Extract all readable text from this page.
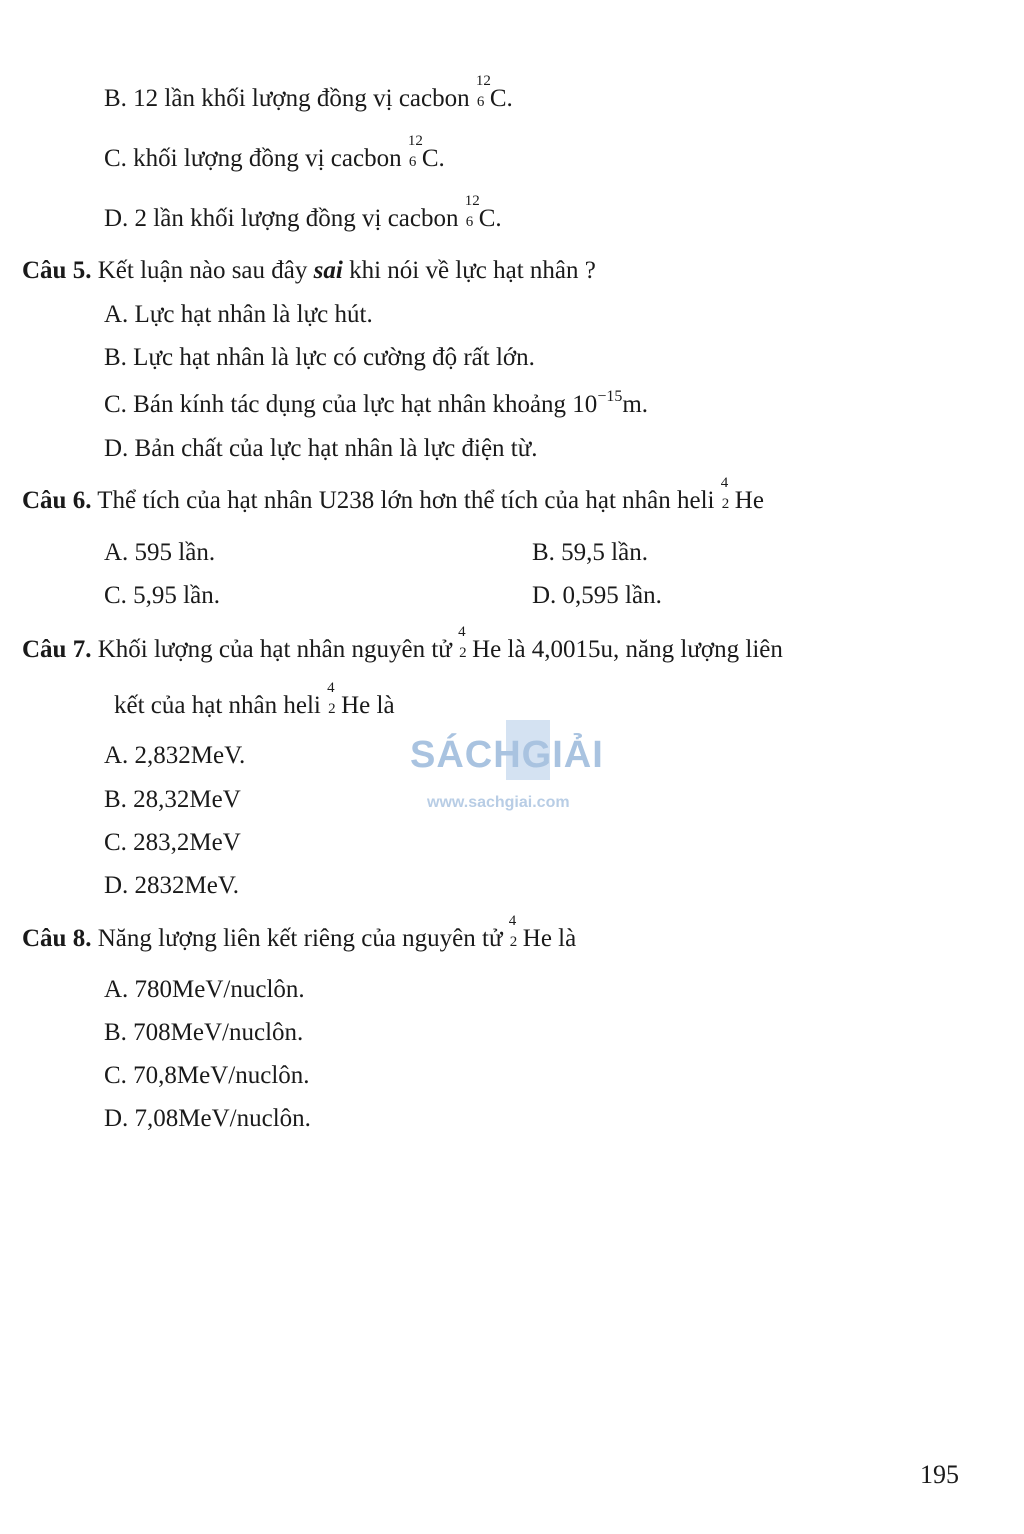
B. 12 lần khối lượng đồng vị cacbon
12
6 C.
C. khối lượng đồng vị cacbon
12
6 C.
D. 2 lần khối lượng đồng vị cacbon
12
6 C.
Câu 5. Kết luận nào sau đây sai khi nói về lực hạt nhân ?
A. Lực hạt nhân là lực hút.
B. Lực hạt nhân là lực có cường độ rất lớn.
C. Bán kính tác dụng của lực hạt nhân khoảng $10^{-15}m$.
D. Bản chất của lực hạt nhân là lực điện từ.
Câu 6. Thể tích của hạt nhân U238 lớn hơn thể tích của hạt nhân heli
4
2 He
A. 595 lần.	B. 59,5 lần.
C. 5,95 lần.	D. 0,595 lần.
Câu 7. Khối lượng của hạt nhân nguyên tử
4
2 He là 4,0015u, năng lượng liên
kết của hạt nhân heli
4
2 He là
A. 2,832MeV.
B. 28,32MeV
C. 283,2MeV
D. 2832MeV.
SÁCHGIẢI
www.sachgiai.com
Câu 8. Năng lượng liên kết riêng của nguyên tử
4
2 He là
A. 780MeV/nuclôn.
B. 708MeV/nuclôn.
C. 70,8MeV/nuclôn.
D. 7,08MeV/nuclôn.
195
